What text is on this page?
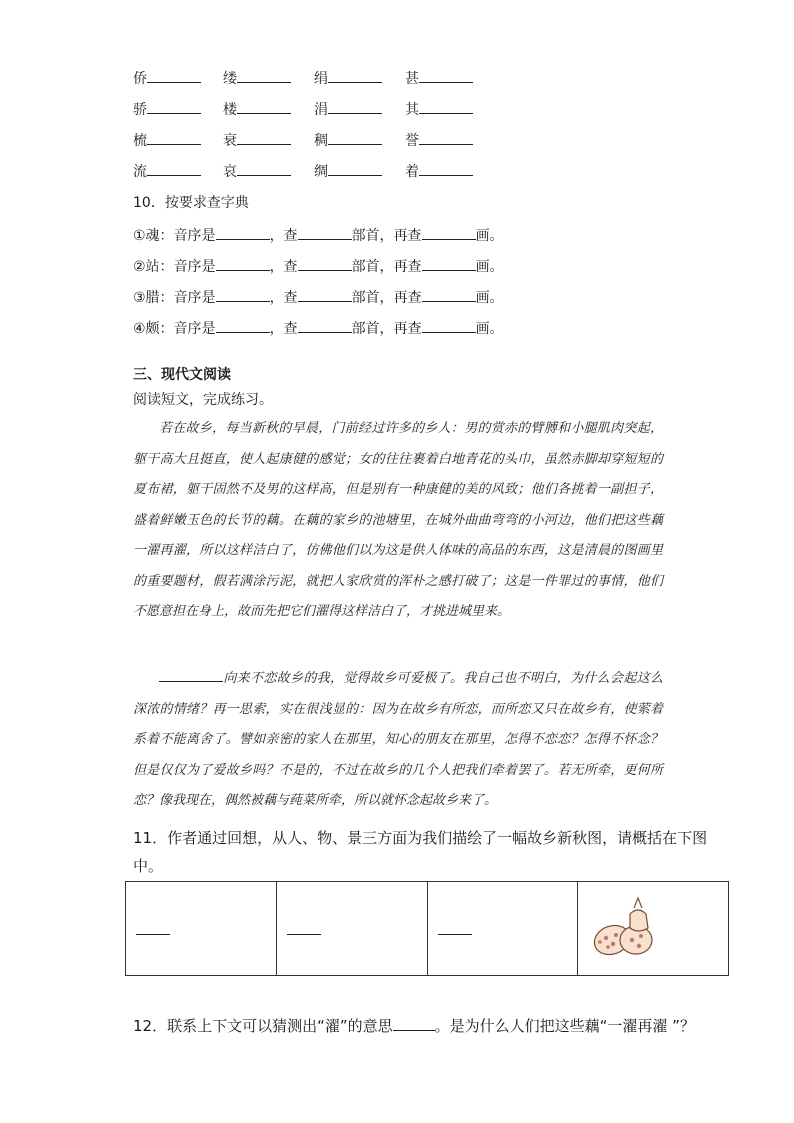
侨	缕	绢	甚
骄	楼	涓	其
梳	衰	稠	誉
流	哀	绸	着
10．按要求查字典
①魂：音序是	，查	部首，再查	画。
②站：音序是	，查	部首，再查	画。
③腊：音序是	，查	部首，再查	画。
④颇：音序是	，查	部首，再查	画。
三、现代文阅读
阅读短文，完成练习。

若在故乡，每当新秋的早晨，门前经过许多的乡人：男的赏赤的臂膊和小腿肌肉突起，躯干高大且挺直，使人起康健的感觉；女的往往裹着白地青花的头巾，虽然赤脚却穿短短的夏布裙，躯干固然不及男的这样高，但是别有一种康健的美的风致；他们各挑着一副担子，盛着鲜嫩玉色的长节的藕。在藕的家乡的池塘里，在城外曲曲弯弯的小河边，他们把这些藕一濯再濯，所以这样洁白了，仿佛他们以为这是供人体味的高品的东西，这是清晨的图画里的重要题材，假若满涂污泥，就把人家欣赏的浑朴之感打破了；这是一件罪过的事情，他们不愿意担在身上，故而先把它们濯得这样洁白了，才挑进城里来。

向来不恋故乡的我，觉得故乡可爱极了。我自己也不明白，为什么会起这么深浓的情绪？再一思索，实在很浅显的：因为在故乡有所恋，而所恋又只在故乡有，使萦着系着不能离舍了。譬如亲密的家人在那里，知心的朋友在那里，怎得不恋恋？怎得不怀念？但是仅仅为了爱故乡吗？不是的，不过在故乡的几个人把我们牵着罢了。若无所牵，更何所恋？像我现在，偶然被藕与莼菜所牵，所以就怀念起故乡来了。

11．作者通过回想，从人、物、景三方面为我们描绘了一幅故乡新秋图，请概括在下图
中。

12．联系上下文可以猜测出“濯”的意思	。是为什么人们把这些藕“一濯再濯 ”？
